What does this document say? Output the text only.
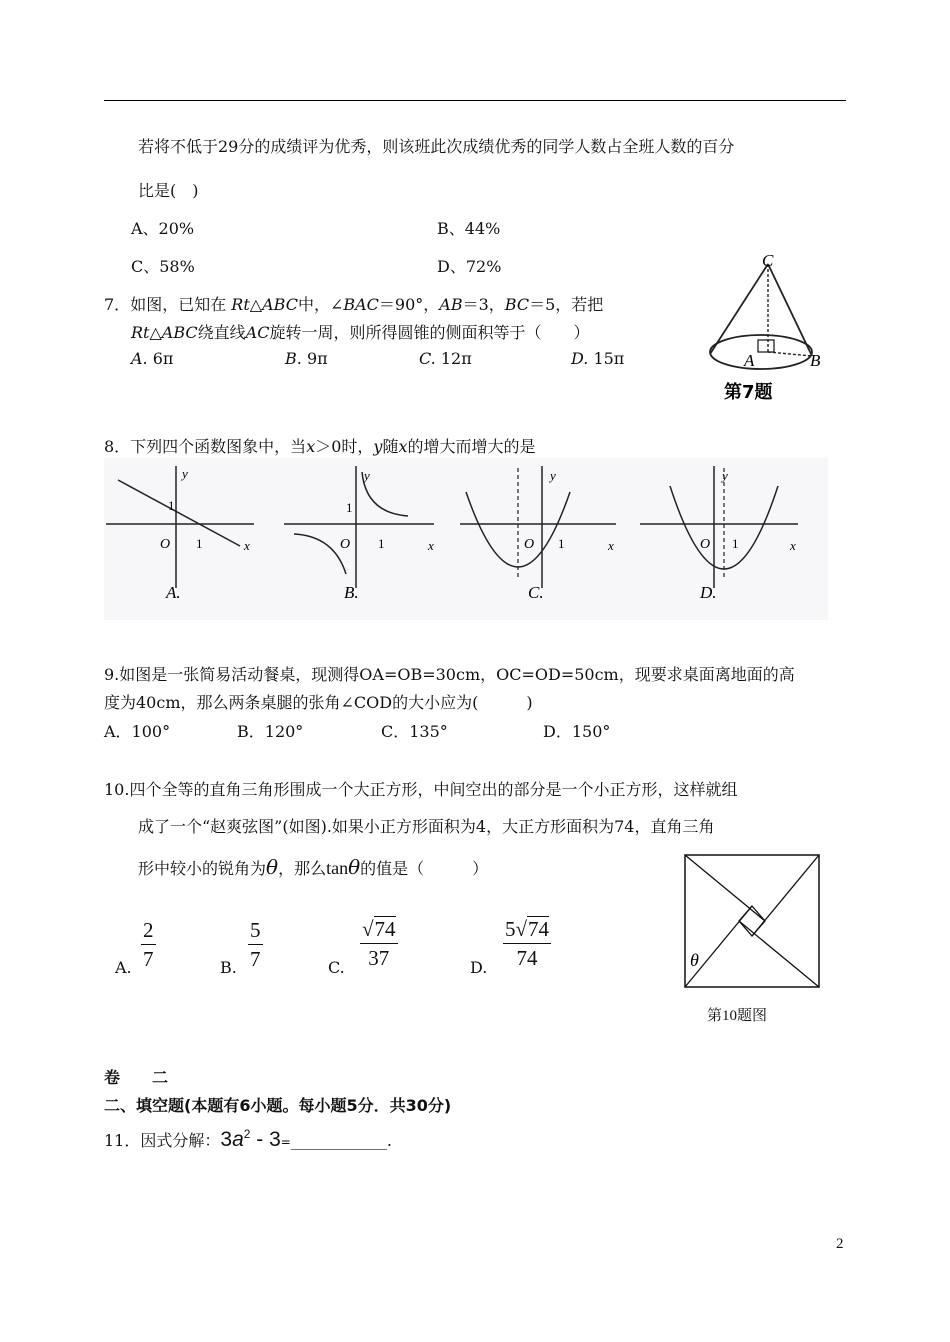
若将不低于29分的成绩评为优秀，则该班此次成绩优秀的同学人数占全班人数的百分
比是(　)
A、20%	B、44%
C、58%	D、72%
7．如图，已知在 Rt△ABC中，∠BAC＝90°，AB＝3，BC＝5，若把
Rt△ABC绕直线AC旋转一周，则所得圆锥的侧面积等于（　　）
A. 6π	B. 9π	C. 12π	D. 15π
C
A	B
第7题
8．下列四个函数图象中，当x＞0时，y随x的增大而增大的是
y
x
O
1
1
A.
y
x
O
1
1
B.
y
x
O 1
C.
y
x
O 1
D.
9.如图是一张简易活动餐桌，现测得OA=OB=30cm，OC=OD=50cm，现要求桌面离地面的高
度为40cm，那么两条桌腿的张角∠COD的大小应为(　　　)
A．100°	B．120°	C．135°	D．150°
10.四个全等的直角三角形围成一个大正方形，中间空出的部分是一个小正方形，这样就组
成了一个“赵爽弦图”(如图).如果小正方形面积为4，大正方形面积为74，直角三角
形中较小的锐角为θ，那么tanθ的值是（　　　）
A. $\frac{2}{7}$	B. $\frac{5}{7}$	C. $\frac{√74}{37}$	D. $\frac{5√74}{74}$	θ
第10题图
卷　　二
二、填空题(本题有6小题。每小题5分．共30分)
11．因式分解：$3a^2$ - 3=____________.
2
